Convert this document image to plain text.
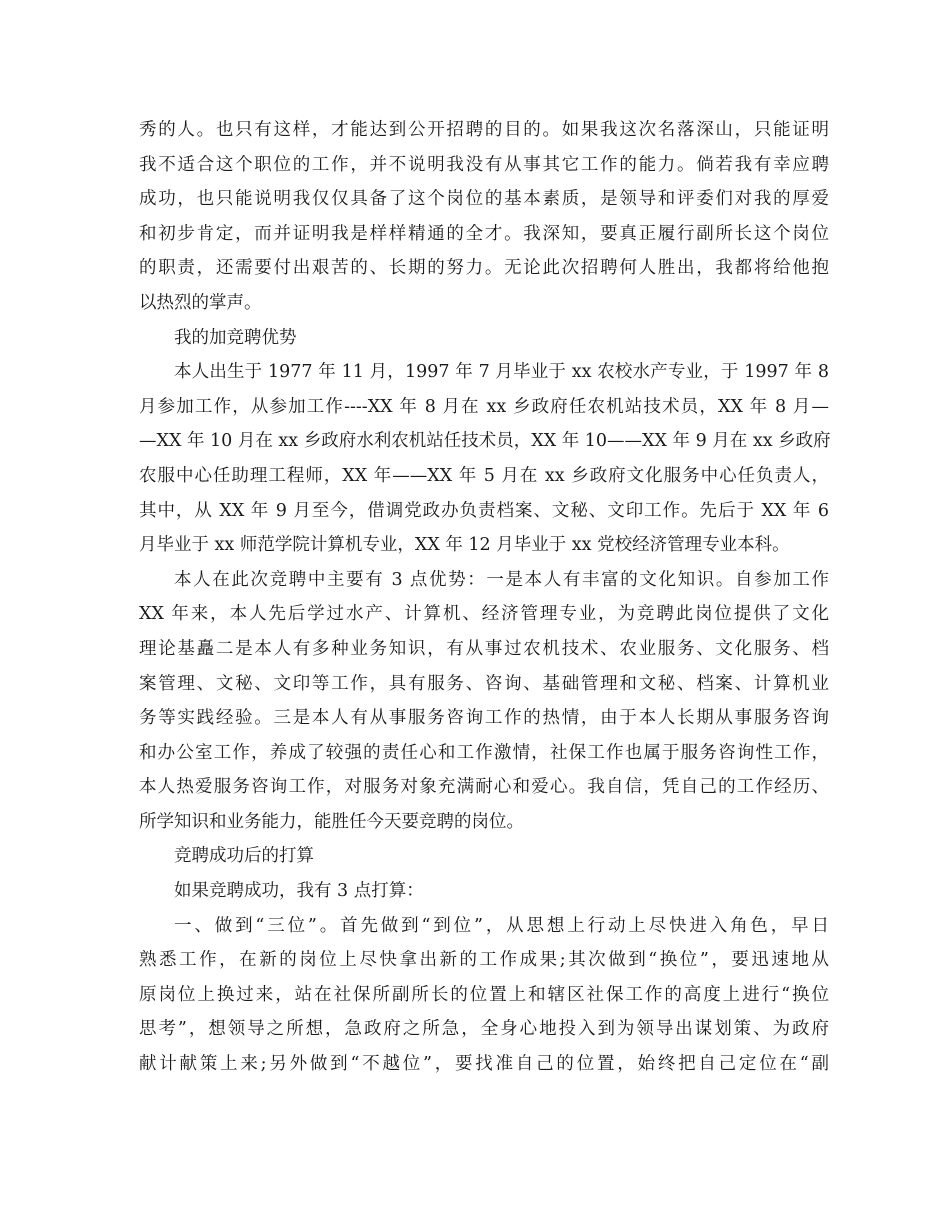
秀的人。也只有这样，才能达到公开招聘的目的。如果我这次名落深山，只能证明
我不适合这个职位的工作，并不说明我没有从事其它工作的能力。倘若我有幸应聘
成功，也只能说明我仅仅具备了这个岗位的基本素质，是领导和评委们对我的厚爱
和初步肯定，而并证明我是样样精通的全才。我深知，要真正履行副所长这个岗位
的职责，还需要付出艰苦的、长期的努力。无论此次招聘何人胜出，我都将给他抱
以热烈的掌声。
我的加竞聘优势
本人出生于 1977 年 11 月，1997 年 7 月毕业于 xx 农校水产专业，于 1997 年 8
月参加工作，从参加工作----XX 年 8 月在 xx 乡政府任农机站技术员，XX 年 8 月—
—XX 年 10 月在 xx 乡政府水利农机站任技术员，XX 年 10——XX 年 9 月在 xx 乡政府
农服中心任助理工程师，XX 年——XX 年 5 月在 xx 乡政府文化服务中心任负责人，
其中，从 XX 年 9 月至今，借调党政办负责档案、文秘、文印工作。先后于 XX 年 6
月毕业于 xx 师范学院计算机专业，XX 年 12 月毕业于 xx 党校经济管理专业本科。
本人在此次竞聘中主要有 3 点优势：一是本人有丰富的文化知识。自参加工作
XX 年来，本人先后学过水产、计算机、经济管理专业，为竞聘此岗位提供了文化
理论基矗二是本人有多种业务知识，有从事过农机技术、农业服务、文化服务、档
案管理、文秘、文印等工作，具有服务、咨询、基础管理和文秘、档案、计算机业
务等实践经验。三是本人有从事服务咨询工作的热情，由于本人长期从事服务咨询
和办公室工作，养成了较强的责任心和工作激情，社保工作也属于服务咨询性工作，
本人热爱服务咨询工作，对服务对象充满耐心和爱心。我自信，凭自己的工作经历、
所学知识和业务能力，能胜任今天要竞聘的岗位。
竞聘成功后的打算
如果竞聘成功，我有 3 点打算：
一、做到“三位”。首先做到“到位”，从思想上行动上尽快进入角色，早日
熟悉工作，在新的岗位上尽快拿出新的工作成果;其次做到“换位”，要迅速地从
原岗位上换过来，站在社保所副所长的位置上和辖区社保工作的高度上进行“换位
思考”，想领导之所想，急政府之所急，全身心地投入到为领导出谋划策、为政府
献计献策上来;另外做到“不越位”，要找准自己的位置，始终把自己定位在“副
